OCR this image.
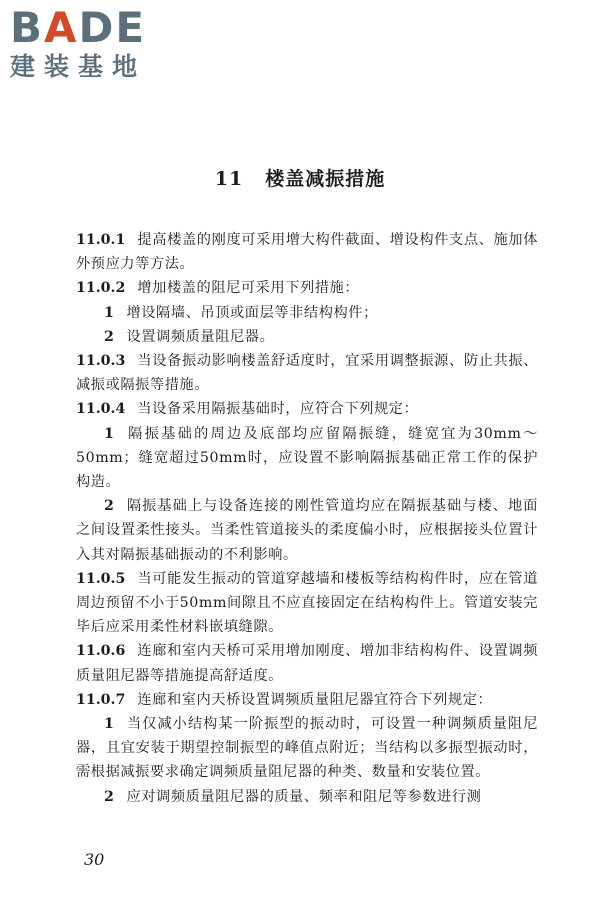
BADE
建装基地
11 楼盖减振措施

11.0.1 提高楼盖的刚度可采用增大构件截面、增设构件支点、施加体外预应力等方法。

11.0.2 增加楼盖的阻尼可采用下列措施：

1 增设隔墙、吊顶或面层等非结构构件；

2 设置调频质量阻尼器。

11.0.3 当设备振动影响楼盖舒适度时，宜采用调整振源、防止共振、减振或隔振等措施。

11.0.4 当设备采用隔振基础时，应符合下列规定：

1 隔振基础的周边及底部均应留隔振缝，缝宽宜为30mm～50mm；缝宽超过50mm时，应设置不影响隔振基础正常工作的保护构造。

2 隔振基础上与设备连接的刚性管道均应在隔振基础与楼、地面之间设置柔性接头。当柔性管道接头的柔度偏小时，应根据接头位置计入其对隔振基础振动的不利影响。

11.0.5 当可能发生振动的管道穿越墙和楼板等结构构件时，应在管道周边预留不小于50mm间隙且不应直接固定在结构构件上。管道安装完毕后应采用柔性材料嵌填缝隙。

11.0.6 连廊和室内天桥可采用增加刚度、增加非结构构件、设置调频质量阻尼器等措施提高舒适度。

11.0.7 连廊和室内天桥设置调频质量阻尼器宜符合下列规定：

1 当仅减小结构某一阶振型的振动时，可设置一种调频质量阻尼器，且宜安装于期望控制振型的峰值点附近；当结构以多振型振动时，需根据减振要求确定调频质量阻尼器的种类、数量和安装位置。

2 应对调频质量阻尼器的质量、频率和阻尼等参数进行测

30
